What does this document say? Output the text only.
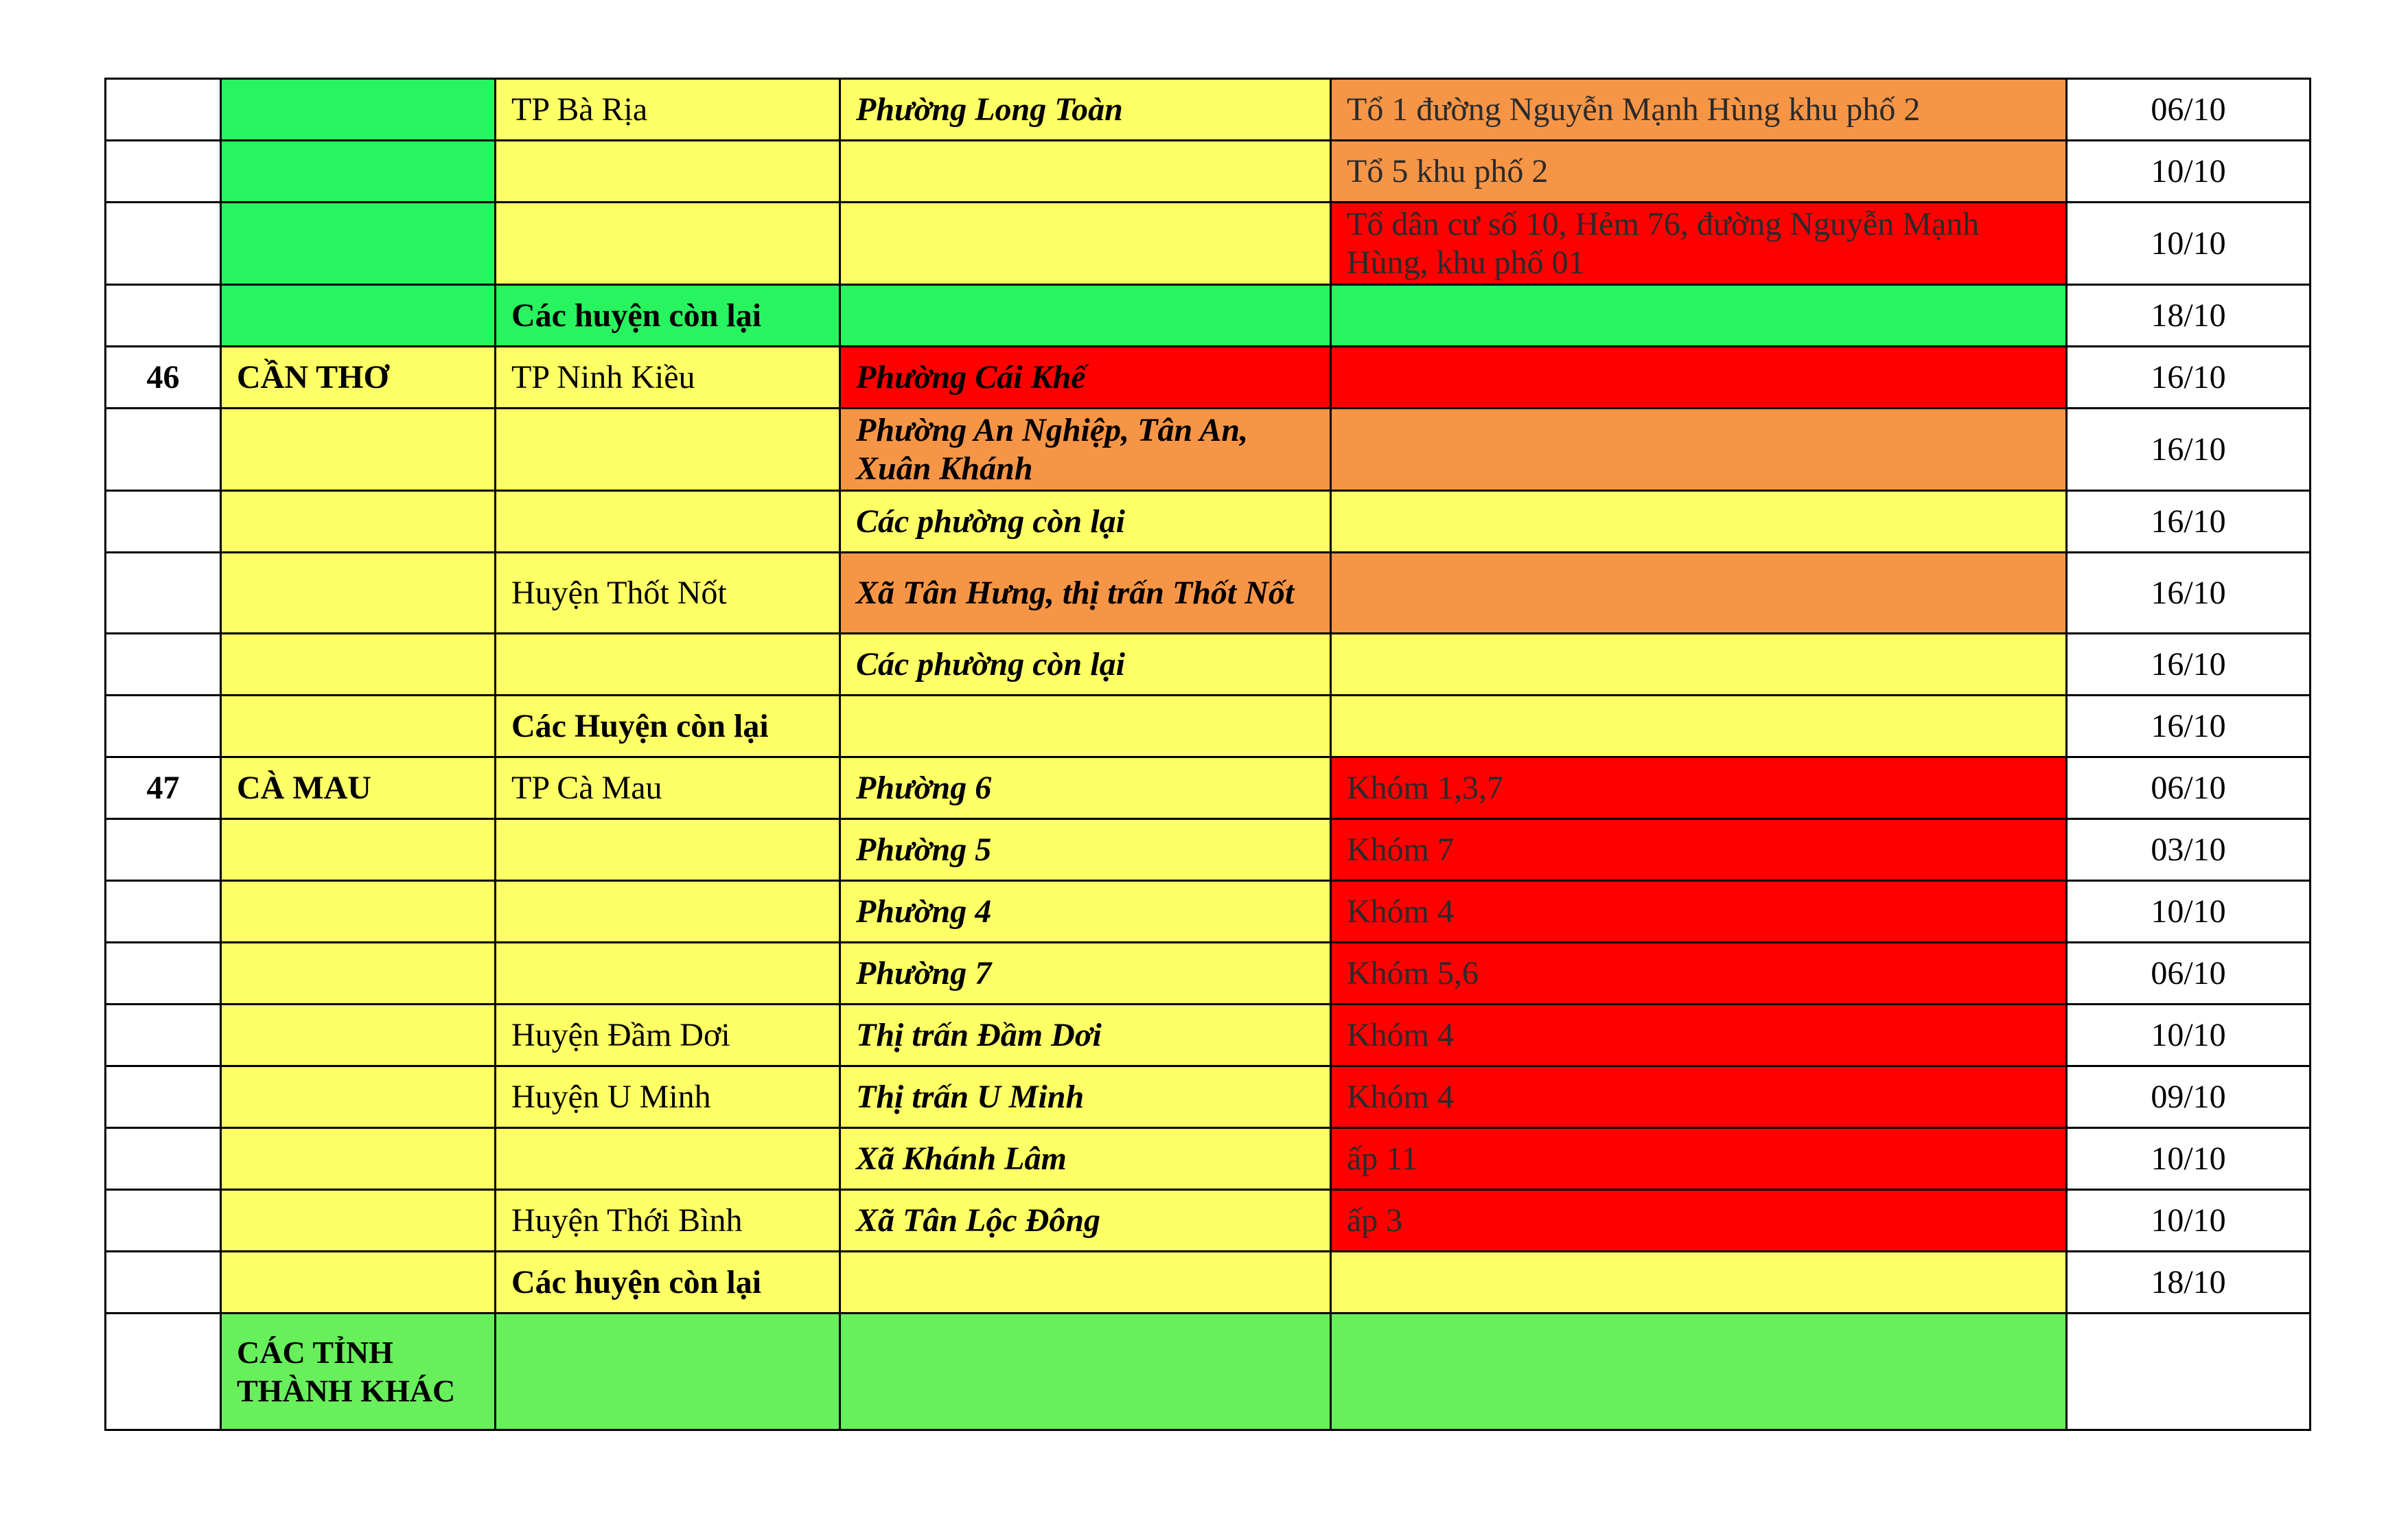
		TP Bà Rịa	Phường Long Toàn	Tổ 1 đường Nguyễn Mạnh Hùng khu phố 2	06/10
				Tổ 5 khu phố 2	10/10
				Tổ dân cư số 10, Hẻm 76, đường Nguyễn Mạnh Hùng, khu phố 01	10/10
		Các huyện còn lại			18/10
46	CẦN THƠ	TP Ninh Kiều	Phường Cái Khế		16/10
			Phường An Nghiệp, Tân An, Xuân Khánh		16/10
			Các phường còn lại		16/10
		Huyện Thốt Nốt	Xã Tân Hưng, thị trấn Thốt Nốt		16/10
			Các phường còn lại		16/10
		Các Huyện còn lại			16/10
47	CÀ MAU	TP Cà Mau	Phường 6	Khóm 1,3,7	06/10
			Phường 5	Khóm 7	03/10
			Phường 4	Khóm 4	10/10
			Phường 7	Khóm 5,6	06/10
		Huyện Đầm Dơi	Thị trấn Đầm Dơi	Khóm 4	10/10
		Huyện U Minh	Thị trấn U Minh	Khóm 4	09/10
			Xã Khánh Lâm	ấp 11	10/10
		Huyện Thới Bình	Xã Tân Lộc Đông	ấp 3	10/10
		Các huyện còn lại			18/10
	CÁC TỈNH THÀNH KHÁC				
